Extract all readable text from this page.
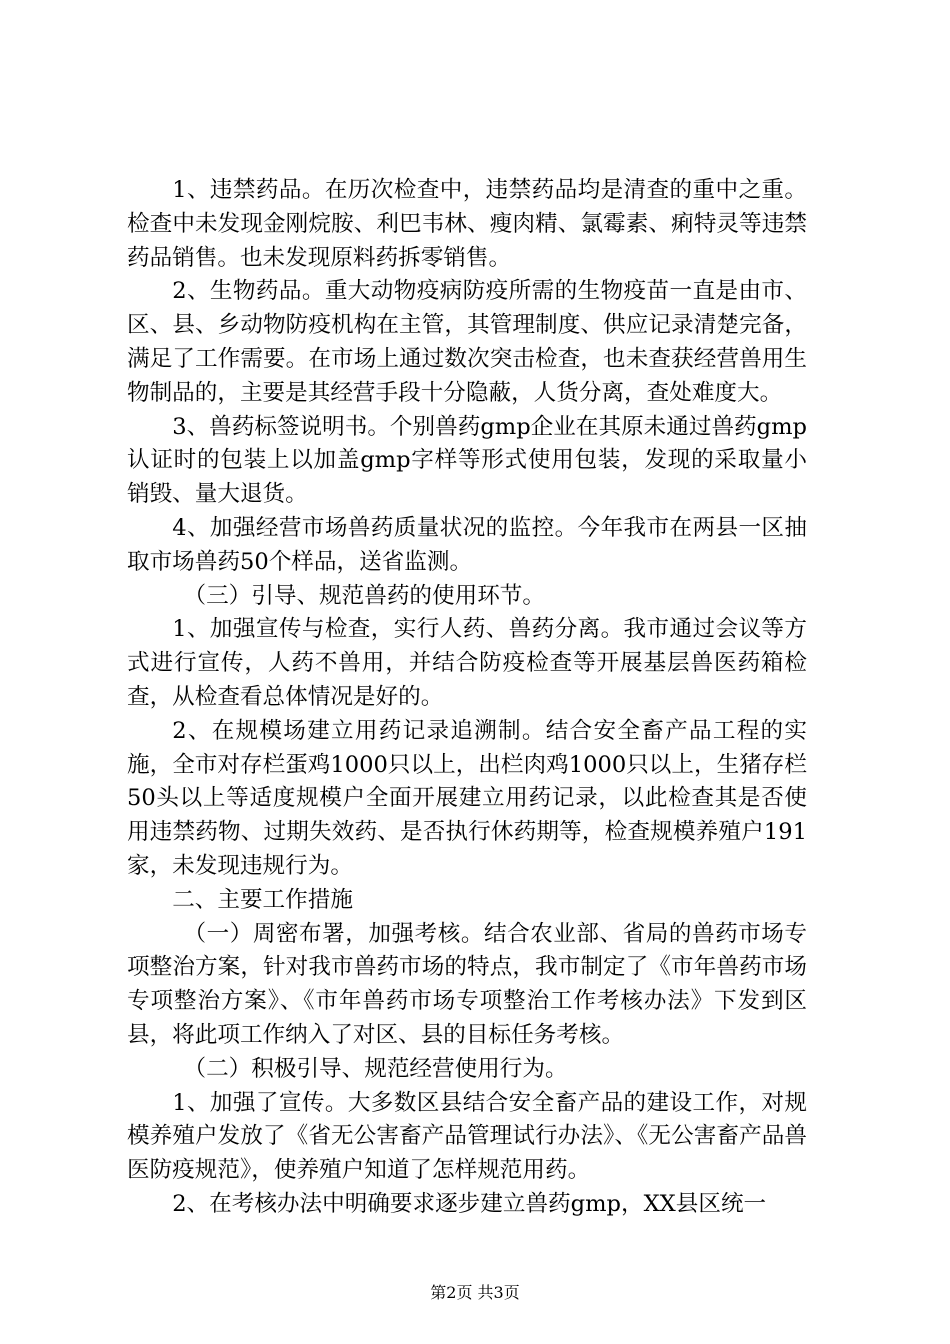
1、违禁药品。在历次检查中，违禁药品均是清查的重中之重。检查中未发现金刚烷胺、利巴韦林、瘦肉精、氯霉素、痢特灵等违禁药品销售。也未发现原料药拆零销售。

2、生物药品。重大动物疫病防疫所需的生物疫苗一直是由市、区、县、乡动物防疫机构在主管，其管理制度、供应记录清楚完备，满足了工作需要。在市场上通过数次突击检查，也未查获经营兽用生物制品的，主要是其经营手段十分隐蔽，人货分离，查处难度大。

3、兽药标签说明书。个别兽药gmp企业在其原未通过兽药gmp认证时的包装上以加盖gmp字样等形式使用包装，发现的采取量小销毁、量大退货。

4、加强经营市场兽药质量状况的监控。今年我市在两县一区抽取市场兽药50个样品，送省监测。

（三）引导、规范兽药的使用环节。

1、加强宣传与检查，实行人药、兽药分离。我市通过会议等方式进行宣传，人药不兽用，并结合防疫检查等开展基层兽医药箱检查，从检查看总体情况是好的。

2、在规模场建立用药记录追溯制。结合安全畜产品工程的实施，全市对存栏蛋鸡1000只以上，出栏肉鸡1000只以上，生猪存栏50头以上等适度规模户全面开展建立用药记录，以此检查其是否使用违禁药物、过期失效药、是否执行休药期等，检查规模养殖户191家，未发现违规行为。

二、主要工作措施

（一）周密布署，加强考核。结合农业部、省局的兽药市场专项整治方案，针对我市兽药市场的特点，我市制定了《市年兽药市场专项整治方案》、《市年兽药市场专项整治工作考核办法》下发到区县，将此项工作纳入了对区、县的目标任务考核。

（二）积极引导、规范经营使用行为。

1、加强了宣传。大多数区县结合安全畜产品的建设工作，对规模养殖户发放了《省无公害畜产品管理试行办法》、《无公害畜产品兽医防疫规范》，使养殖户知道了怎样规范用药。

2、在考核办法中明确要求逐步建立兽药gmp，XX县区统一

第2页 共3页
